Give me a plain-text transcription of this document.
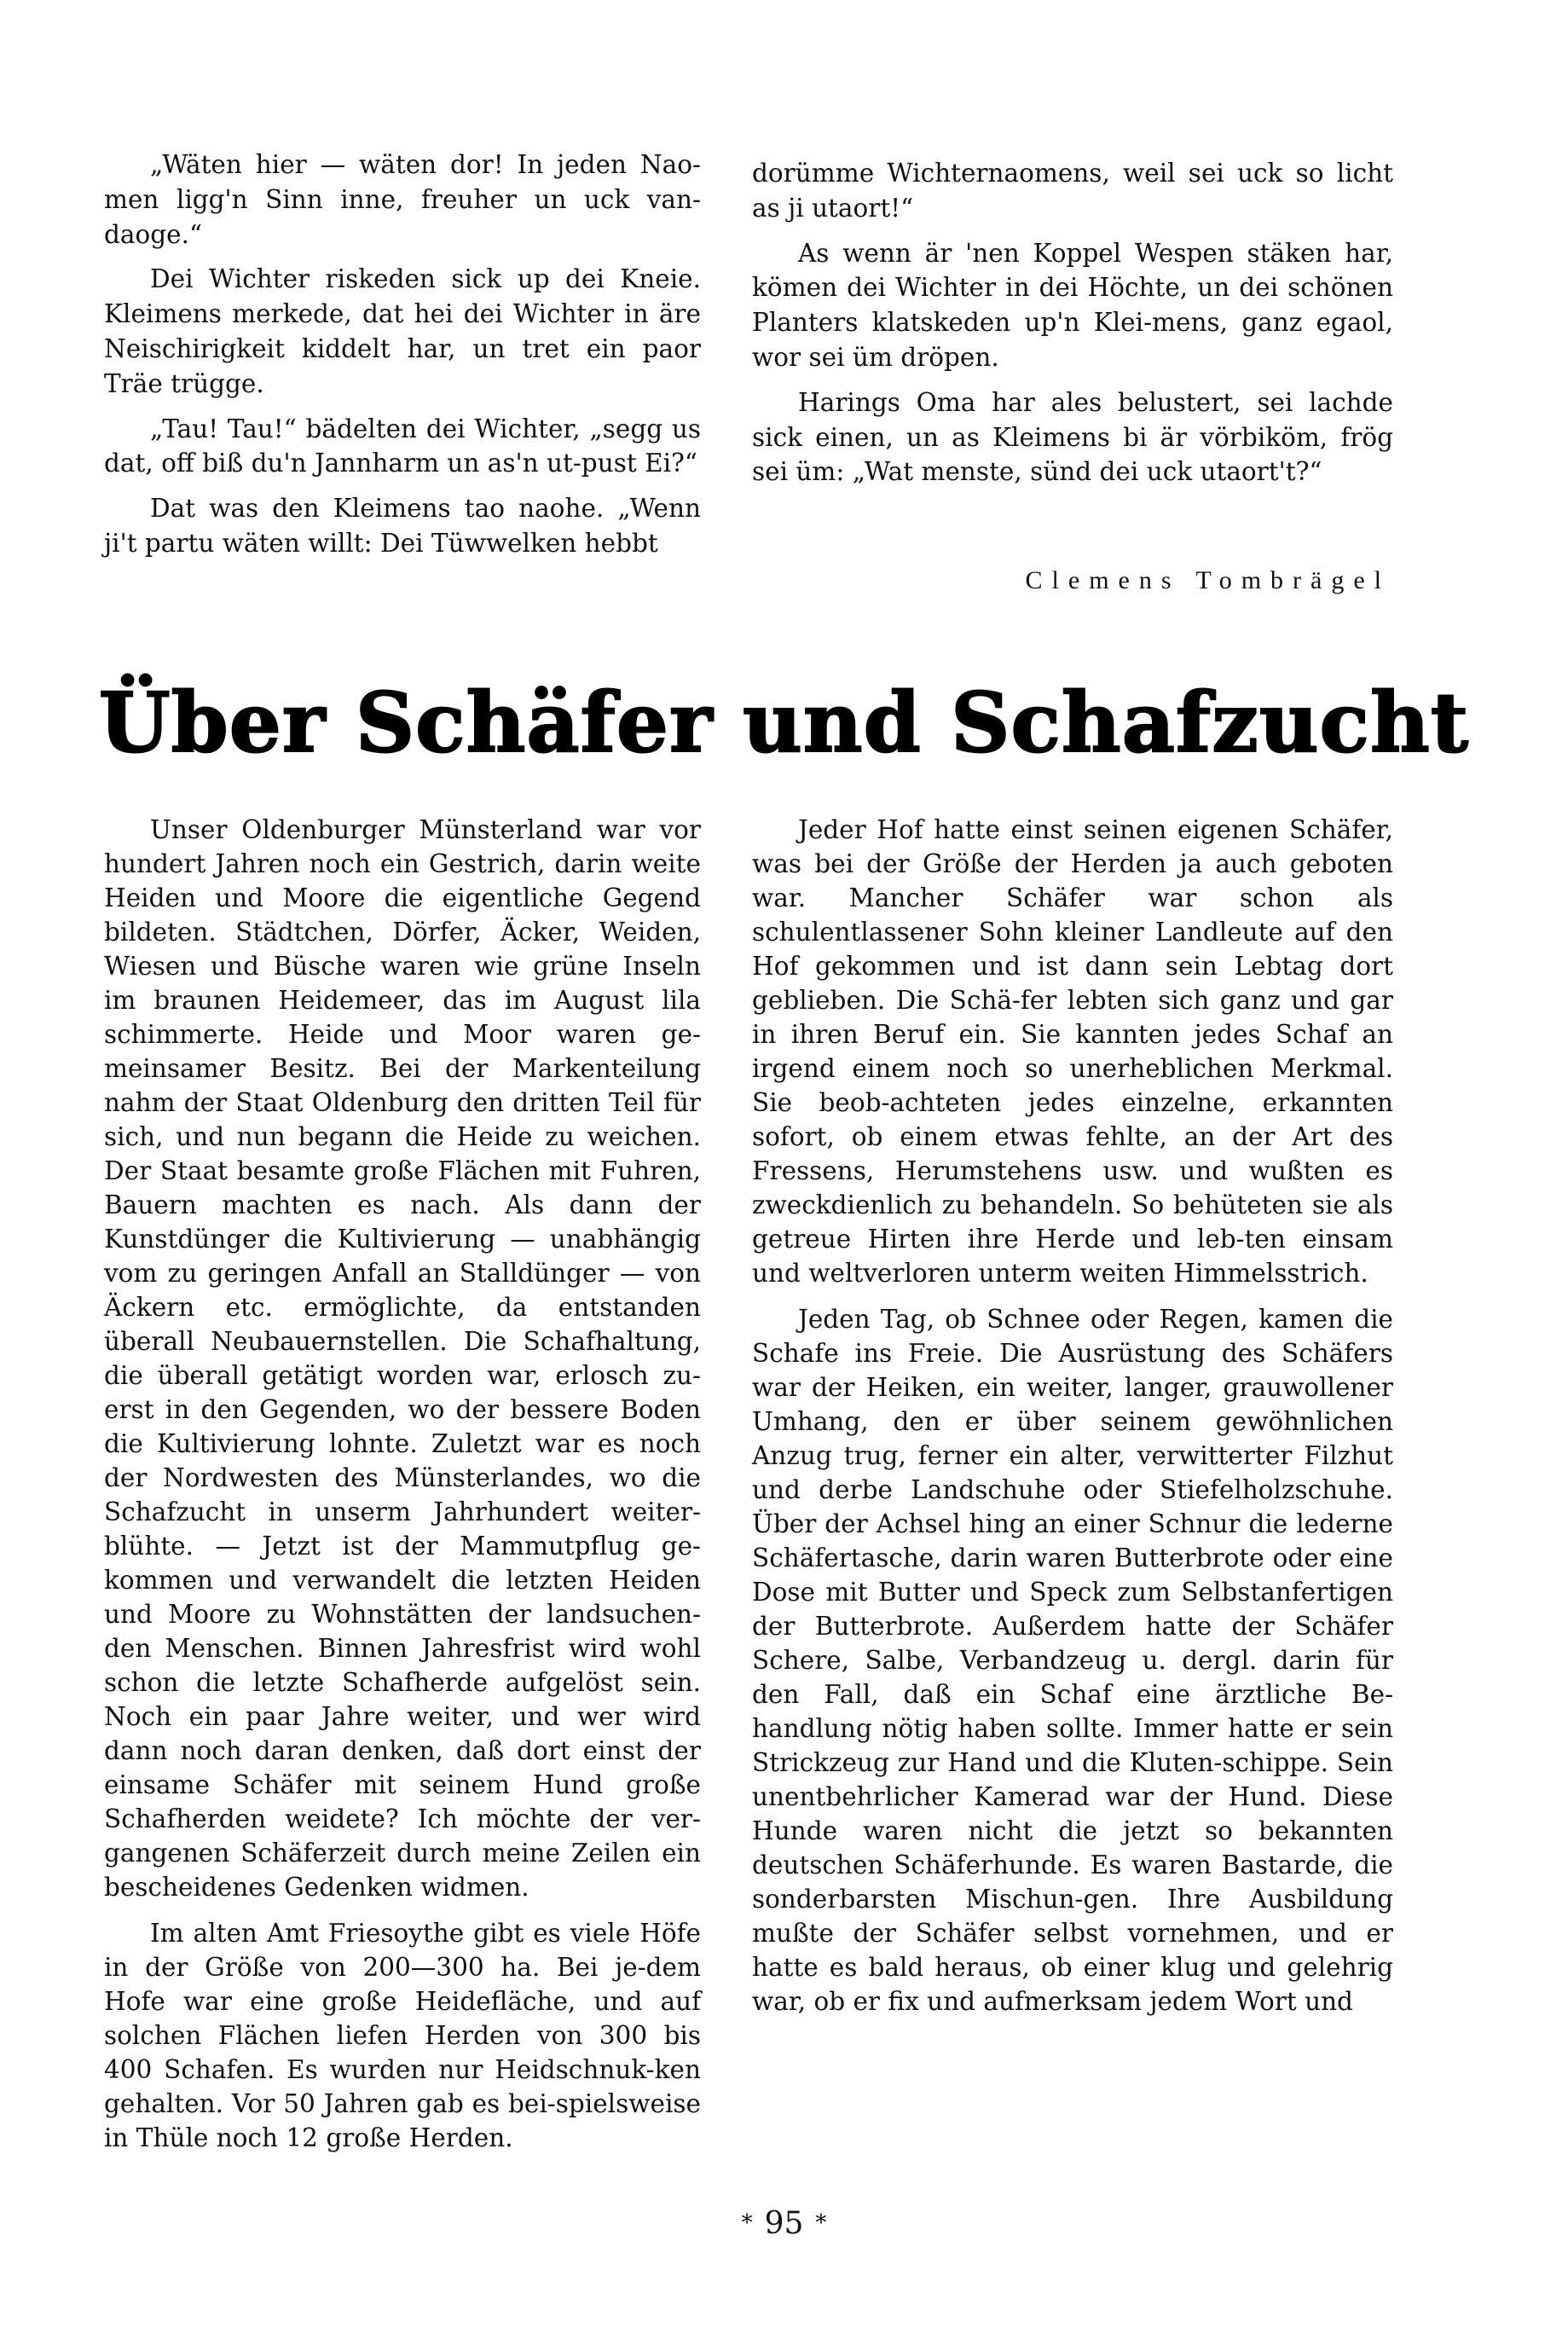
„Wäten hier — wäten dor! In jeden Nao-men ligg'n Sinn inne, freuher un uck van-daoge.“

Dei Wichter riskeden sick up dei Kneie. Kleimens merkede, dat hei dei Wichter in äre Neischirigkeit kiddelt har, un tret ein paor Träe trügge.

„Tau! Tau!“ bädelten dei Wichter, „segg us dat, off biß du'n Jannharm un as'n ut-pust Ei?“

Dat was den Kleimens tao naohe. „Wenn ji't partu wäten willt: Dei Tüwwelken hebbt

dorümme Wichternaomens, weil sei uck so licht as ji utaort!“

As wenn är 'nen Koppel Wespen stäken har, kömen dei Wichter in dei Höchte, un dei schönen Planters klatskeden up'n Klei-mens, ganz egaol, wor sei üm dröpen.

Harings Oma har ales belustert, sei lachde sick einen, un as Kleimens bi är vörbiköm, frög sei üm: „Wat menste, sünd dei uck utaort't?“

Clemens Tombrägel
Über Schäfer und Schafzucht

Unser Oldenburger Münsterland war vor hundert Jahren noch ein Gestrich, darin weite Heiden und Moore die eigentliche Gegend bildeten. Städtchen, Dörfer, Äcker, Weiden, Wiesen und Büsche waren wie grüne Inseln im braunen Heidemeer, das im August lila schimmerte. Heide und Moor waren ge-meinsamer Besitz. Bei der Markenteilung nahm der Staat Oldenburg den dritten Teil für sich, und nun begann die Heide zu weichen. Der Staat besamte große Flächen mit Fuhren, Bauern machten es nach. Als dann der Kunstdünger die Kultivierung — unabhängig vom zu geringen Anfall an Stalldünger — von Äckern etc. ermöglichte, da entstanden überall Neubauernstellen. Die Schafhaltung, die überall getätigt worden war, erlosch zu-erst in den Gegenden, wo der bessere Boden die Kultivierung lohnte. Zuletzt war es noch der Nordwesten des Münsterlandes, wo die Schafzucht in unserm Jahrhundert weiter-blühte. — Jetzt ist der Mammutpflug ge-kommen und verwandelt die letzten Heiden und Moore zu Wohnstätten der landsuchen-den Menschen. Binnen Jahresfrist wird wohl schon die letzte Schafherde aufgelöst sein. Noch ein paar Jahre weiter, und wer wird dann noch daran denken, daß dort einst der einsame Schäfer mit seinem Hund große Schafherden weidete? Ich möchte der ver-gangenen Schäferzeit durch meine Zeilen ein bescheidenes Gedenken widmen.

Im alten Amt Friesoythe gibt es viele Höfe in der Größe von 200—300 ha. Bei je-dem Hofe war eine große Heidefläche, und auf solchen Flächen liefen Herden von 300 bis 400 Schafen. Es wurden nur Heidschnuk-ken gehalten. Vor 50 Jahren gab es bei-spielsweise in Thüle noch 12 große Herden.

Jeder Hof hatte einst seinen eigenen Schäfer, was bei der Größe der Herden ja auch geboten war. Mancher Schäfer war schon als schulentlassener Sohn kleiner Landleute auf den Hof gekommen und ist dann sein Lebtag dort geblieben. Die Schä-fer lebten sich ganz und gar in ihren Beruf ein. Sie kannten jedes Schaf an irgend einem noch so unerheblichen Merkmal. Sie beob-achteten jedes einzelne, erkannten sofort, ob einem etwas fehlte, an der Art des Fressens, Herumstehens usw. und wußten es zweckdienlich zu behandeln. So behüteten sie als getreue Hirten ihre Herde und leb-ten einsam und weltverloren unterm weiten Himmelsstrich.

Jeden Tag, ob Schnee oder Regen, kamen die Schafe ins Freie. Die Ausrüstung des Schäfers war der Heiken, ein weiter, langer, grauwollener Umhang, den er über seinem gewöhnlichen Anzug trug, ferner ein alter, verwitterter Filzhut und derbe Landschuhe oder Stiefelholzschuhe. Über der Achsel hing an einer Schnur die lederne Schäfertasche, darin waren Butterbrote oder eine Dose mit Butter und Speck zum Selbstanfertigen der Butterbrote. Außerdem hatte der Schäfer Schere, Salbe, Verbandzeug u. dergl. darin für den Fall, daß ein Schaf eine ärztliche Be-handlung nötig haben sollte. Immer hatte er sein Strickzeug zur Hand und die Kluten-schippe. Sein unentbehrlicher Kamerad war der Hund. Diese Hunde waren nicht die jetzt so bekannten deutschen Schäferhunde. Es waren Bastarde, die sonderbarsten Mischun-gen. Ihre Ausbildung mußte der Schäfer selbst vornehmen, und er hatte es bald heraus, ob einer klug und gelehrig war, ob er fix und aufmerksam jedem Wort und

* 95 *
